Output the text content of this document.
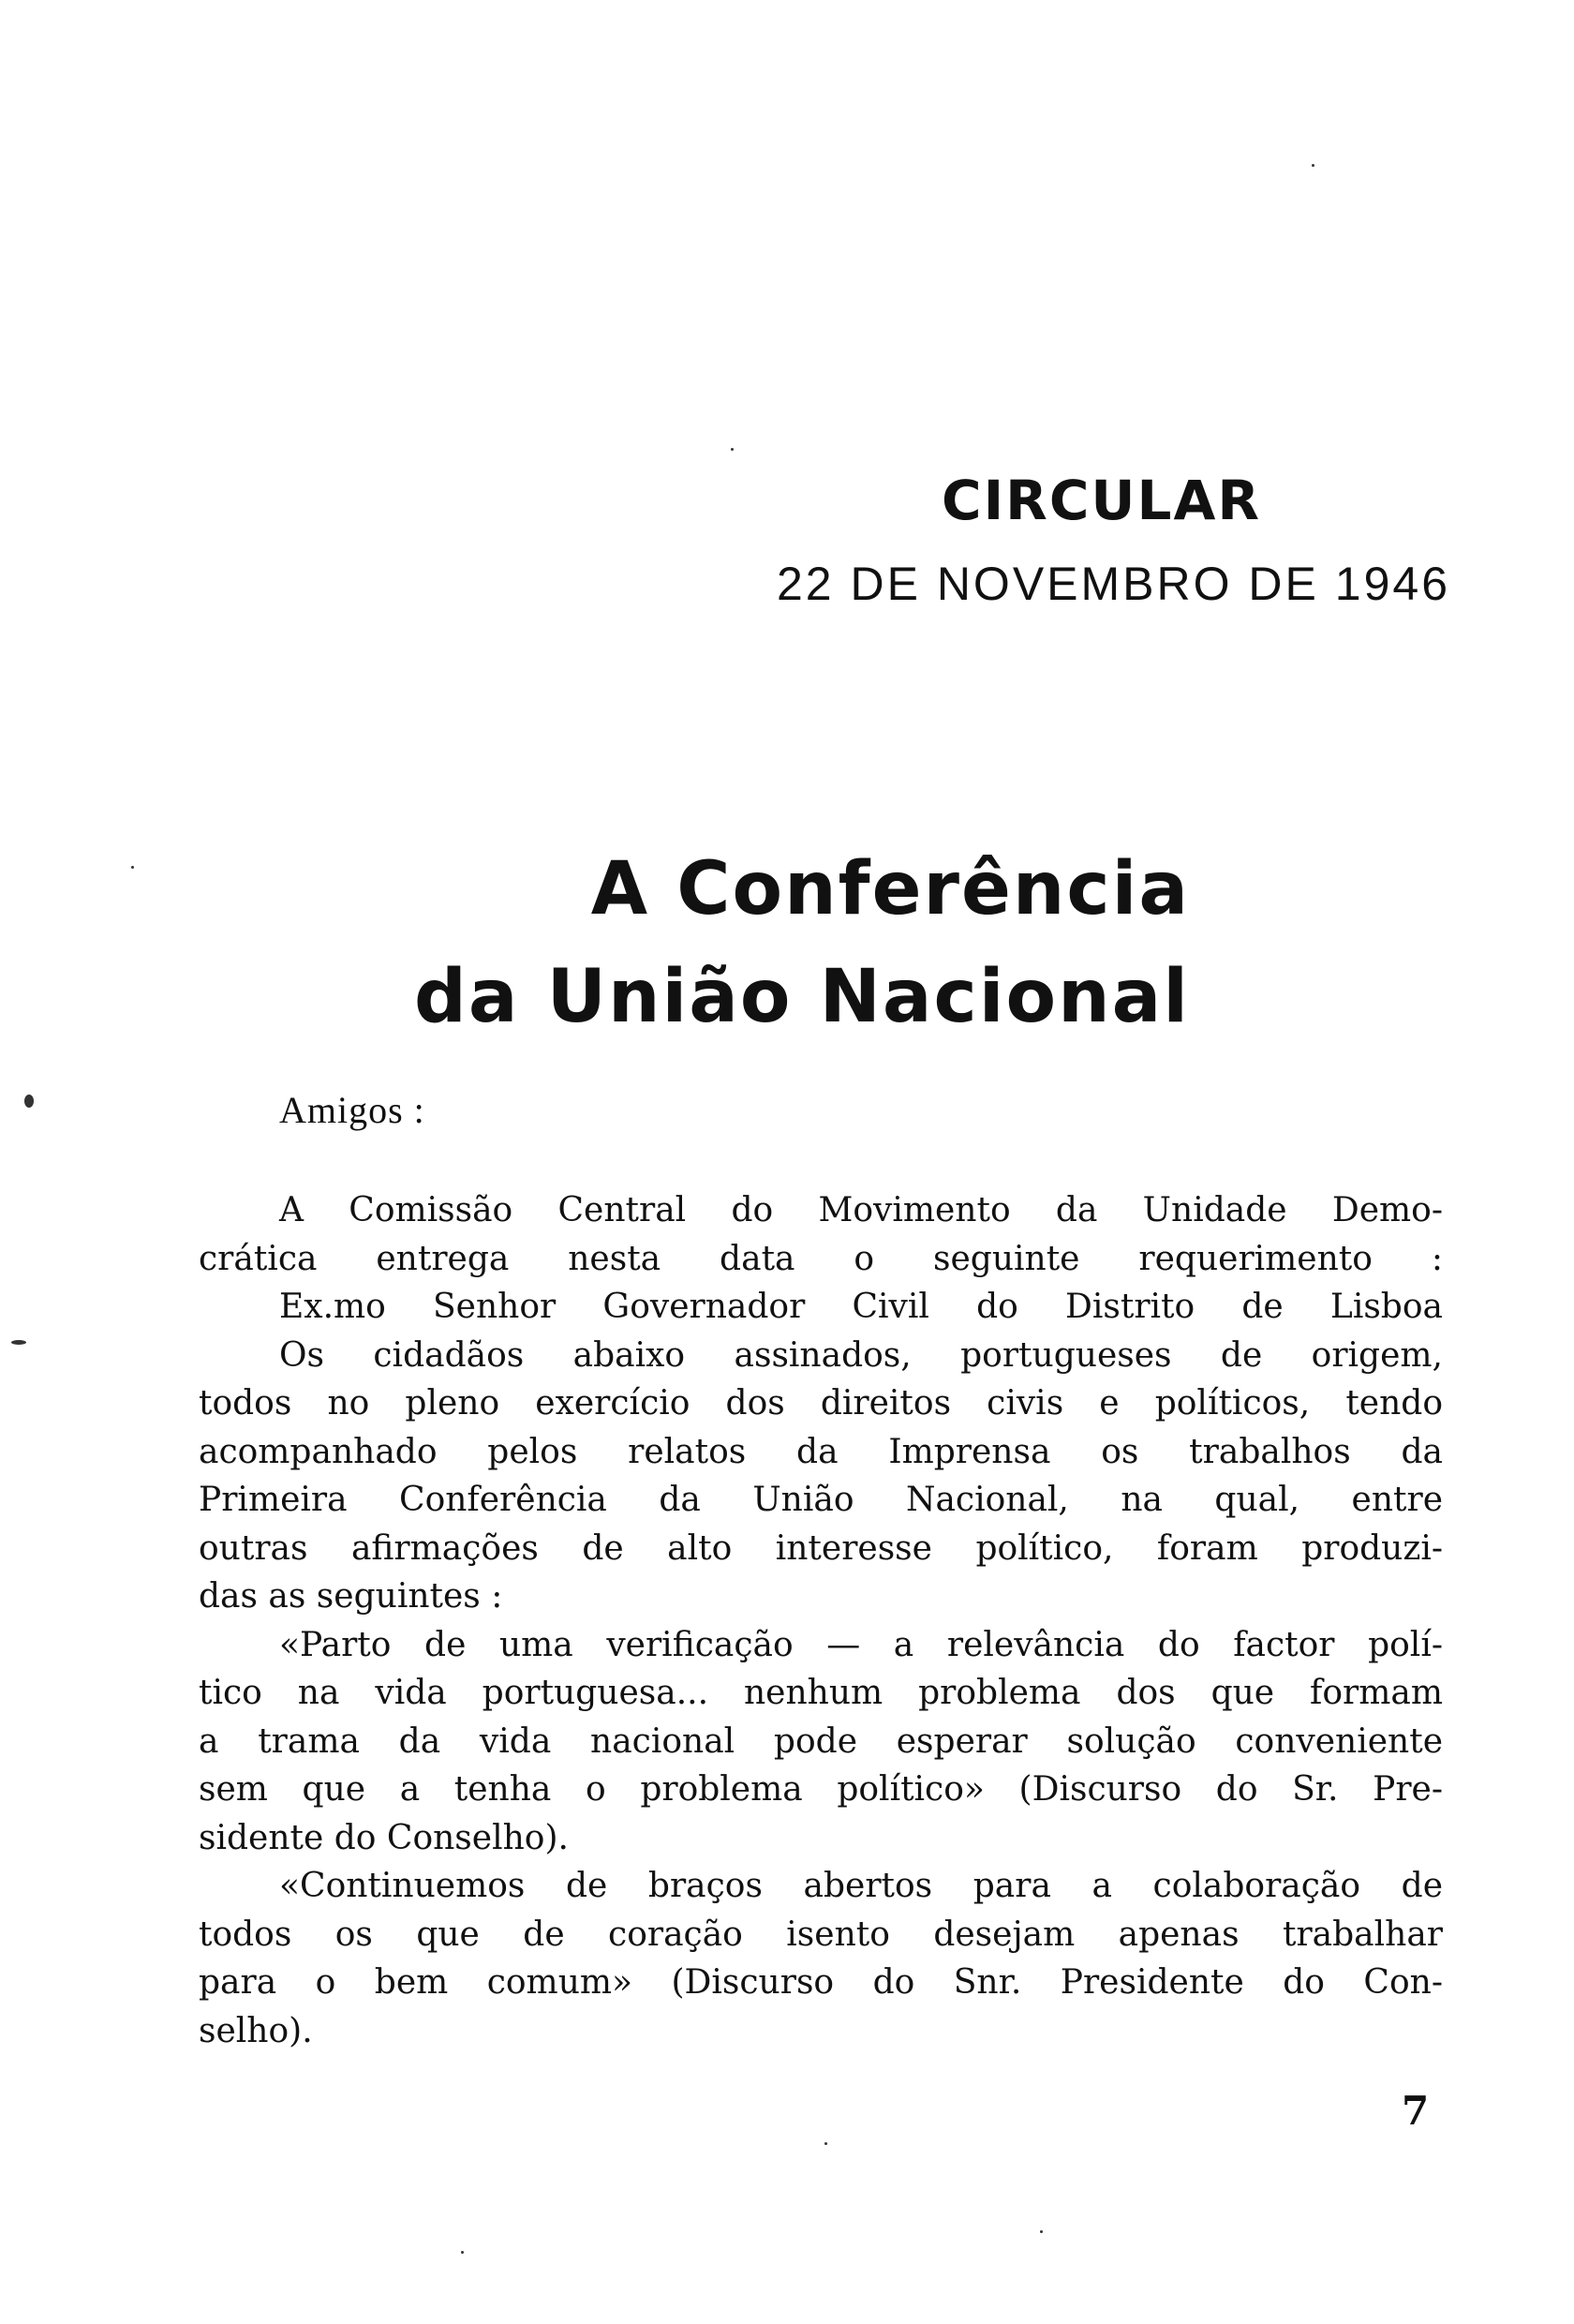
CIRCULAR
22 DE NOVEMBRO DE 1946
A Conferência
da União Nacional
Amigos :
A Comissão Central do Movimento da Unidade Demo-
crática entrega nesta data o seguinte requerimento :
Ex.mo Senhor Governador Civil do Distrito de Lisboa
Os cidadãos abaixo assinados, portugueses de origem,
todos no pleno exercício dos direitos civis e políticos, tendo
acompanhado pelos relatos da Imprensa os trabalhos da
Primeira Conferência da União Nacional, na qual, entre
outras afirmações de alto interesse político, foram produzi-
das as seguintes :
«Parto de uma verificação — a relevância do factor polí-
tico na vida portuguesa... nenhum problema dos que formam
a trama da vida nacional pode esperar solução conveniente
sem que a tenha o problema político» (Discurso do Sr. Pre-
sidente do Conselho).
«Continuemos de braços abertos para a colaboração de
todos os que de coração isento desejam apenas trabalhar
para o bem comum» (Discurso do Snr. Presidente do Con-
selho).
7
